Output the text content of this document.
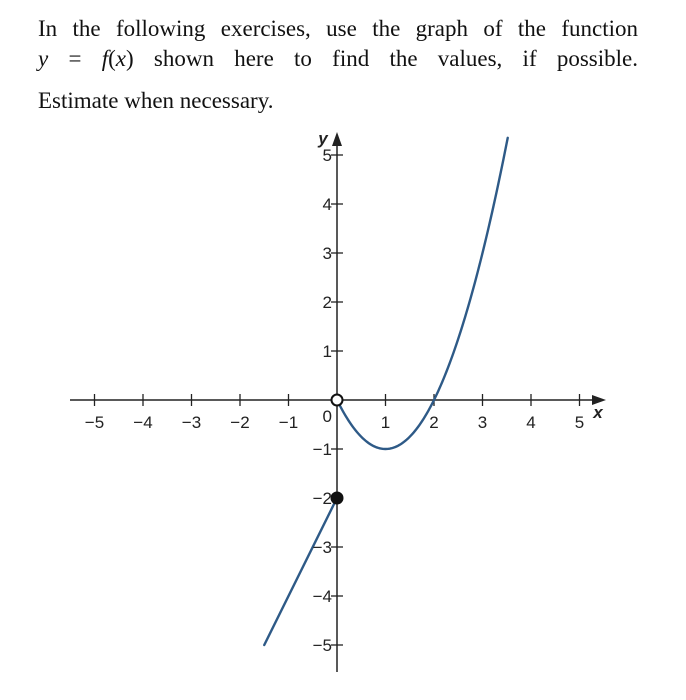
In the following exercises, use the graph of the function
y = f(x) shown here to find the values, if possible.
Estimate when necessary.
−5 −4 −3 −2 −1	1 2 3 4 5
−5
−4
−3
−2
−1
1
2
3
4
5
0	x
y
